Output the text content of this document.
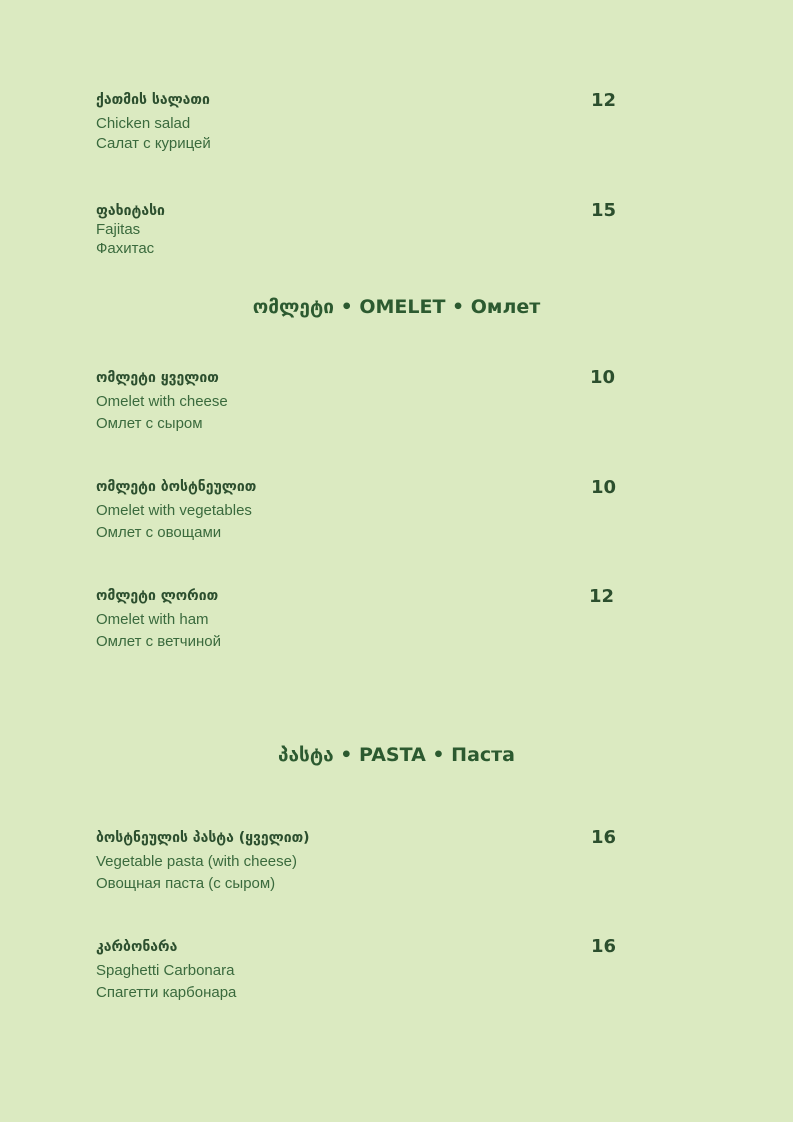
ქათმის სალათი
Chicken salad
Салат с курицей
12
ფახიტასი
Fajitas
Фахитас
15
ომლეტი • OMELET • Омлет
ომლეტი ყველით
Omelet with cheese
Омлет с сыром
10
ომლეტი ბოსტნეულით
Omelet with vegetables
Омлет с овощами
10
ომლეტი ლორით
Omelet with ham
Омлет с ветчиной
12
პასტა • PASTA • Паста
ბოსტნეულის პასტა (ყველით)
Vegetable pasta (with cheese)
Овощная паста (с сыром)
16
კარბონარა
Spaghetti Carbonara
Спагетти карбонара
16
